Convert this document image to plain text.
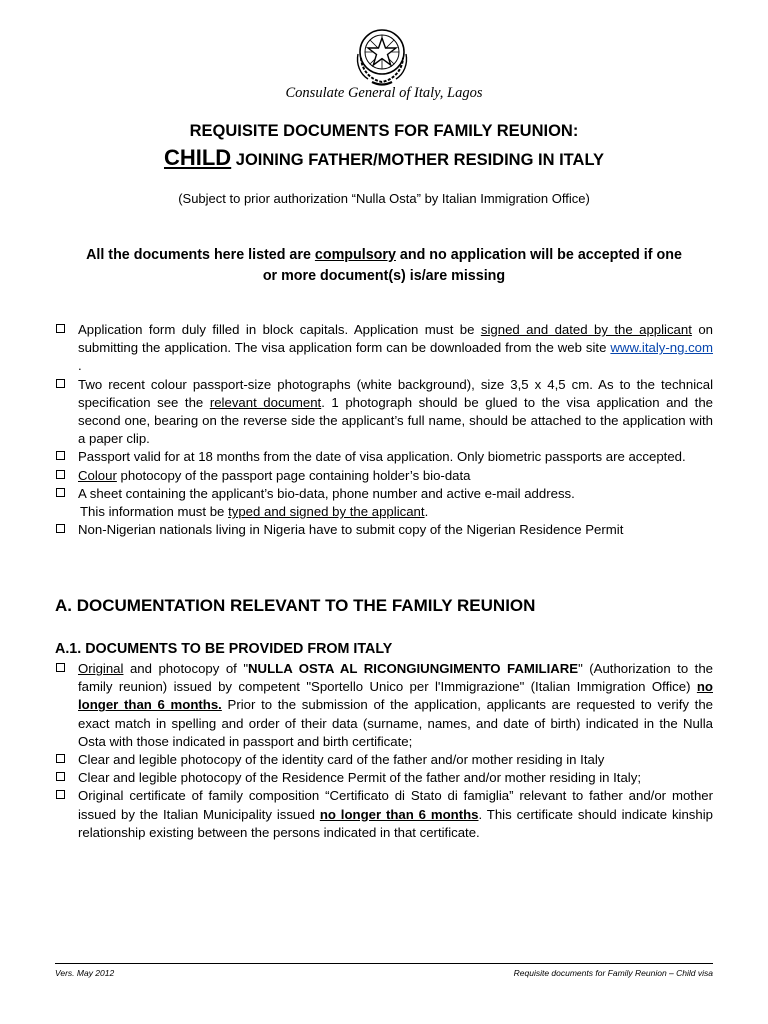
Consulate General of Italy, Lagos
REQUISITE DOCUMENTS FOR FAMILY REUNION:
CHILD JOINING FATHER/MOTHER RESIDING IN ITALY
(Subject to prior authorization “Nulla Osta” by Italian Immigration Office)
All the documents here listed are compulsory and no application will be accepted if one
or more document(s) is/are missing
Application form duly filled in block capitals. Application must be signed and dated by the applicant on submitting the application. The visa application form can be downloaded from the web site www.italy-ng.com .
Two recent colour passport-size photographs (white background), size 3,5 x 4,5 cm. As to the technical specification see the relevant document. 1 photograph should be glued to the visa application and the second one, bearing on the reverse side the applicant’s full name, should be attached to the application with a paper clip.
Passport valid for at 18 months from the date of visa application. Only biometric passports are accepted.
Colour photocopy of the passport page containing holder’s bio-data
A sheet containing the applicant’s bio-data, phone number and active e-mail address.
This information must be typed and signed by the applicant.
Non-Nigerian nationals living in Nigeria have to submit copy of the Nigerian Residence Permit
A. DOCUMENTATION RELEVANT TO THE FAMILY REUNION
A.1. DOCUMENTS TO BE PROVIDED FROM ITALY
Original and photocopy of "NULLA OSTA AL RICONGIUNGIMENTO FAMILIARE" (Authorization to the family reunion) issued by competent "Sportello Unico per l'Immigrazione" (Italian Immigration Office) no longer than 6 months. Prior to the submission of the application, applicants are requested to verify the exact match in spelling and order of their data (surname, names, and date of birth) indicated in the Nulla Osta with those indicated in passport and birth certificate;
Clear and legible photocopy of the identity card of the father and/or mother residing in Italy
Clear and legible photocopy of the Residence Permit of the father and/or mother residing in Italy;
Original certificate of family composition “Certificato di Stato di famiglia” relevant to father and/or mother issued by the Italian Municipality issued no longer than 6 months. This certificate should indicate kinship relationship existing between the persons indicated in that certificate.
Vers. May 2012	Requisite documents for Family Reunion – Child visa
